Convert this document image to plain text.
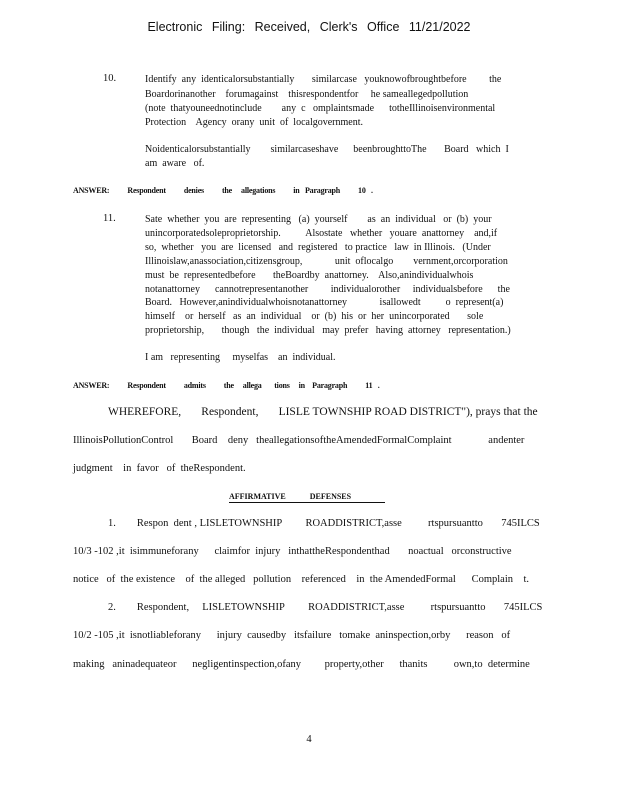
Electronic Filing: Received, Clerk's Office 11/21/2022
10.	Identify  any  identicalorsubstantially       similarcase   youknowofbroughtbefore         the
Boardorinanother    forumagainst    thisrespondentfor     he sameallegedpollution
(note  thatyouneednotinclude        any  c   omplaintsmade      totheIllinoisenvironmental
Protection    Agency  orany  unit  of  localgovernment.
Noidenticalorsubstantially        similarcaseshave      beenbroughttoThe       Board   which  I
am  aware   of.
ANSWER:          Respondent          denies          the     allegations          in   Paragraph          10   .
11.	Sate  whether  you  are  representing   (a)  yourself        as  an  individual   or  (b)  your
unincorporatedsoleproprietorship.          Alsostate   whether   youare  anattorney    and,if
so,  whether   you  are  licensed   and  registered   to practice   law  in Illinois.   (Under
Illinoislaw,anassociation,citizensgroup,             unit  oflocalgo        vernment,orcorporation
must  be  representedbefore       theBoardby  anattorney.    Also,anindividualwhois
notanattorney      cannotrepresentanother         individualorother     individualsbefore      the
Board.   However,anindividualwhoisnotanattorney             isallowedt          o  represent(a)
himself    or  herself   as  an  individual    or  (b)  his  or  her  unincorporated       sole
proprietorship,       though   the  individual   may  prefer   having  attorney   representation.)
I am   representing     myselfas    an  individual.
ANSWER:          Respondent          admits          the     allega       tions     in    Paragraph          11   .
WHEREFORE,       Respondent,       LISLE TOWNSHIP ROAD DISTRICT"), prays that the
IllinoisPollutionControl       Board    deny   theallegationsoftheAmendedFormalComplaint              andenter
judgment    in  favor   of  theRespondent.
AFFIRMATIVE            DEFENSES
1.        Respon  dent , LISLETOWNSHIP         ROADDISTRICT,asse          rtspursuantto       745ILCS
10/3 -102 ,it  isimmuneforany      claimfor  injury   inthattheRespondenthad       noactual   orconstructive
notice   of  the existence    of  the alleged   pollution    referenced    in  the AmendedFormal      Complain    t.
2.        Respondent,     LISLETOWNSHIP         ROADDISTRICT,asse          rtspursuantto       745ILCS
10/2 -105 ,it  isnotliableforany      injury  causedby   itsfailure   tomake  aninspection,orby      reason   of
making   aninadequateor      negligentinspection,ofany         property,other      thanits          own,to  determine
4
